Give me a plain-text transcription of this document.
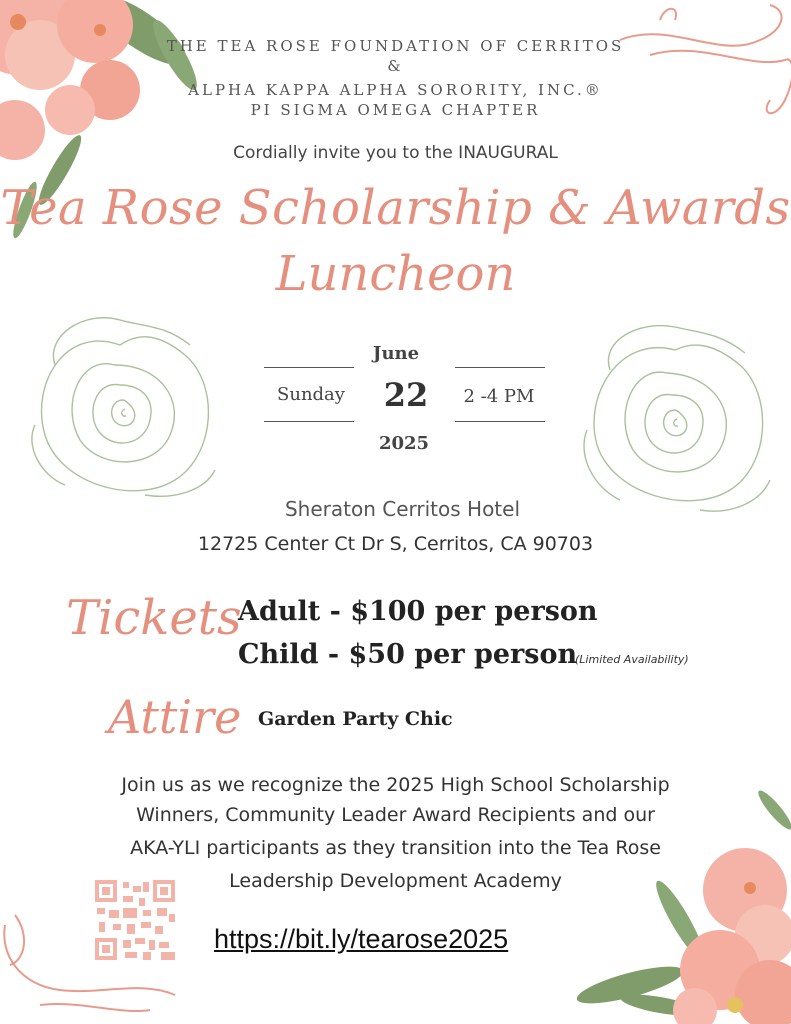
THE TEA ROSE FOUNDATION OF CERRITOS
&
ALPHA KAPPA ALPHA SORORITY, INC.®
PI SIGMA OMEGA CHAPTER
Cordially invite you to the INAUGURAL
Tea Rose Scholarship & Awards
Luncheon
June
Sunday	22	2 -4 PM
2025
Sheraton Cerritos Hotel
12725 Center Ct Dr S, Cerritos, CA 90703
Tickets
Adult - $100 per person
Child - $50 per person
(Limited Availability)
Attire Garden Party Chic
Join us as we recognize the 2025 High School Scholarship
Winners, Community Leader Award Recipients and our
AKA-YLI participants as they transition into the Tea Rose
Leadership Development Academy
https://bit.ly/tearose2025
